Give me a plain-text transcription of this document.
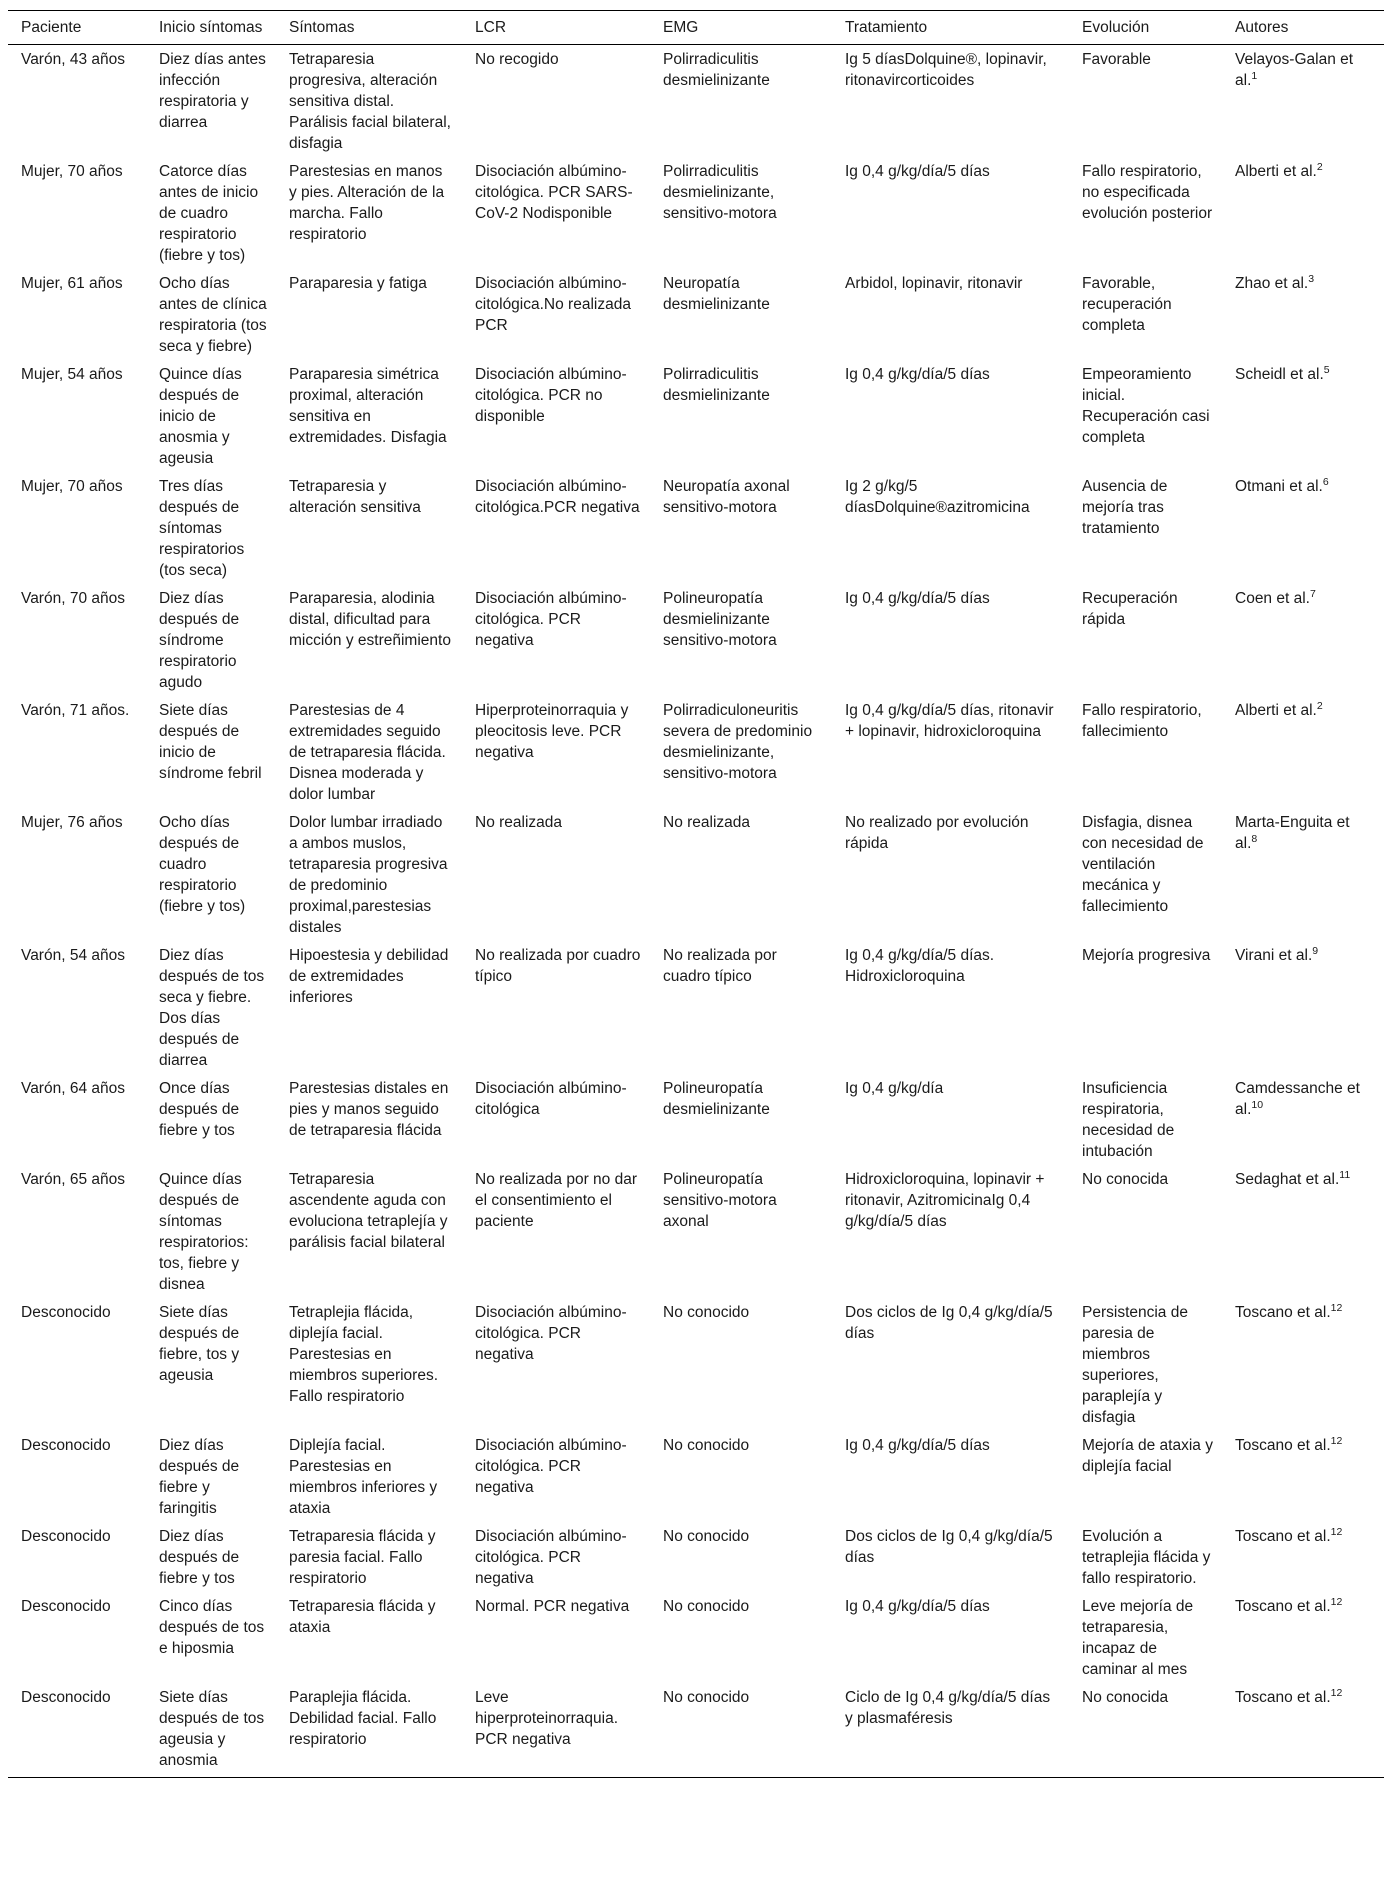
Paciente	Inicio síntomas	Síntomas	LCR	EMG	Tratamiento	Evolución	Autores
Varón, 43 años	Diez días antes infección respiratoria y diarrea	Tetraparesia progresiva, alteración sensitiva distal. Parálisis facial bilateral, disfagia	No recogido	Polirradiculitis desmielinizante	Ig 5 díasDolquine®, lopinavir, ritonavircorticoides	Favorable	Velayos-Galan et al.$^1$
Mujer, 70 años	Catorce días antes de inicio de cuadro respiratorio (fiebre y tos)	Parestesias en manos y pies. Alteración de la marcha. Fallo respiratorio	Disociación albúmino-citológica. PCR SARS-CoV-2 Nodisponible	Polirradiculitis desmielinizante, sensitivo-motora	Ig 0,4 g/kg/día/5 días	Fallo respiratorio, no especificada evolución posterior	Alberti et al.$^2$
Mujer, 61 años	Ocho días antes de clínica respiratoria (tos seca y fiebre)	Paraparesia y fatiga	Disociación albúmino-citológica.No realizada PCR	Neuropatía desmielinizante	Arbidol, lopinavir, ritonavir	Favorable, recuperación completa	Zhao et al.$^3$
Mujer, 54 años	Quince días después de inicio de anosmia y ageusia	Paraparesia simétrica proximal, alteración sensitiva en extremidades. Disfagia	Disociación albúmino-citológica. PCR no disponible	Polirradiculitis desmielinizante	Ig 0,4 g/kg/día/5 días	Empeoramiento inicial. Recuperación casi completa	Scheidl et al.$^5$
Mujer, 70 años	Tres días después de síntomas respiratorios (tos seca)	Tetraparesia y alteración sensitiva	Disociación albúmino-citológica.PCR negativa	Neuropatía axonal sensitivo-motora	Ig 2 g/kg/5 díasDolquine®azitromicina	Ausencia de mejoría tras tratamiento	Otmani et al.$^6$
Varón, 70 años	Diez días después de síndrome respiratorio agudo	Paraparesia, alodinia distal, dificultad para micción y estreñimiento	Disociación albúmino-citológica. PCR negativa	Polineuropatía desmielinizante sensitivo-motora	Ig 0,4 g/kg/día/5 días	Recuperación rápida	Coen et al.$^7$
Varón, 71 años.	Siete días después de inicio de síndrome febril	Parestesias de 4 extremidades seguido de tetraparesia flácida. Disnea moderada y dolor lumbar	Hiperproteinorraquia y pleocitosis leve. PCR negativa	Polirradiculoneuritis severa de predominio desmielinizante, sensitivo-motora	Ig 0,4 g/kg/día/5 días, ritonavir + lopinavir, hidroxicloroquina	Fallo respiratorio, fallecimiento	Alberti et al.$^2$
Mujer, 76 años	Ocho días después de cuadro respiratorio (fiebre y tos)	Dolor lumbar irradiado a ambos muslos, tetraparesia progresiva de predominio proximal,parestesias distales	No realizada	No realizada	No realizado por evolución rápida	Disfagia, disnea con necesidad de ventilación mecánica y fallecimiento	Marta-Enguita et al.$^8$
Varón, 54 años	Diez días después de tos seca y fiebre. Dos días después de diarrea	Hipoestesia y debilidad de extremidades inferiores	No realizada por cuadro típico	No realizada por cuadro típico	Ig 0,4 g/kg/día/5 días. Hidroxicloroquina	Mejoría progresiva	Virani et al.$^9$
Varón, 64 años	Once días después de fiebre y tos	Parestesias distales en pies y manos seguido de tetraparesia flácida	Disociación albúmino-citológica	Polineuropatía desmielinizante	Ig 0,4 g/kg/día	Insuficiencia respiratoria, necesidad de intubación	Camdessanche et al.$^{10}$
Varón, 65 años	Quince días después de síntomas respiratorios: tos, fiebre y disnea	Tetraparesia ascendente aguda con evoluciona tetraplejía y parálisis facial bilateral	No realizada por no dar el consentimiento el paciente	Polineuropatía sensitivo-motora axonal	Hidroxicloroquina, lopinavir + ritonavir, AzitromicinaIg 0,4 g/kg/día/5 días	No conocida	Sedaghat et al.$^{11}$
Desconocido	Siete días después de fiebre, tos y ageusia	Tetraplejia flácida, diplejía facial. Parestesias en miembros superiores. Fallo respiratorio	Disociación albúmino-citológica. PCR negativa	No conocido	Dos ciclos de Ig 0,4 g/kg/día/5 días	Persistencia de paresia de miembros superiores, paraplejía y disfagia	Toscano et al.$^{12}$
Desconocido	Diez días después de fiebre y faringitis	Diplejía facial. Parestesias en miembros inferiores y ataxia	Disociación albúmino-citológica. PCR negativa	No conocido	Ig 0,4 g/kg/día/5 días	Mejoría de ataxia y diplejía facial	Toscano et al.$^{12}$
Desconocido	Diez días después de fiebre y tos	Tetraparesia flácida y paresia facial. Fallo respiratorio	Disociación albúmino-citológica. PCR negativa	No conocido	Dos ciclos de Ig 0,4 g/kg/día/5 días	Evolución a tetraplejia flácida y fallo respiratorio.	Toscano et al.$^{12}$
Desconocido	Cinco días después de tos e hiposmia	Tetraparesia flácida y ataxia	Normal. PCR negativa	No conocido	Ig 0,4 g/kg/día/5 días	Leve mejoría de tetraparesia, incapaz de caminar al mes	Toscano et al.$^{12}$
Desconocido	Siete días después de tos ageusia y anosmia	Paraplejia flácida. Debilidad facial. Fallo respiratorio	Leve hiperproteinorraquia. PCR negativa	No conocido	Ciclo de Ig 0,4 g/kg/día/5 días y plasmaféresis	No conocida	Toscano et al.$^{12}$
